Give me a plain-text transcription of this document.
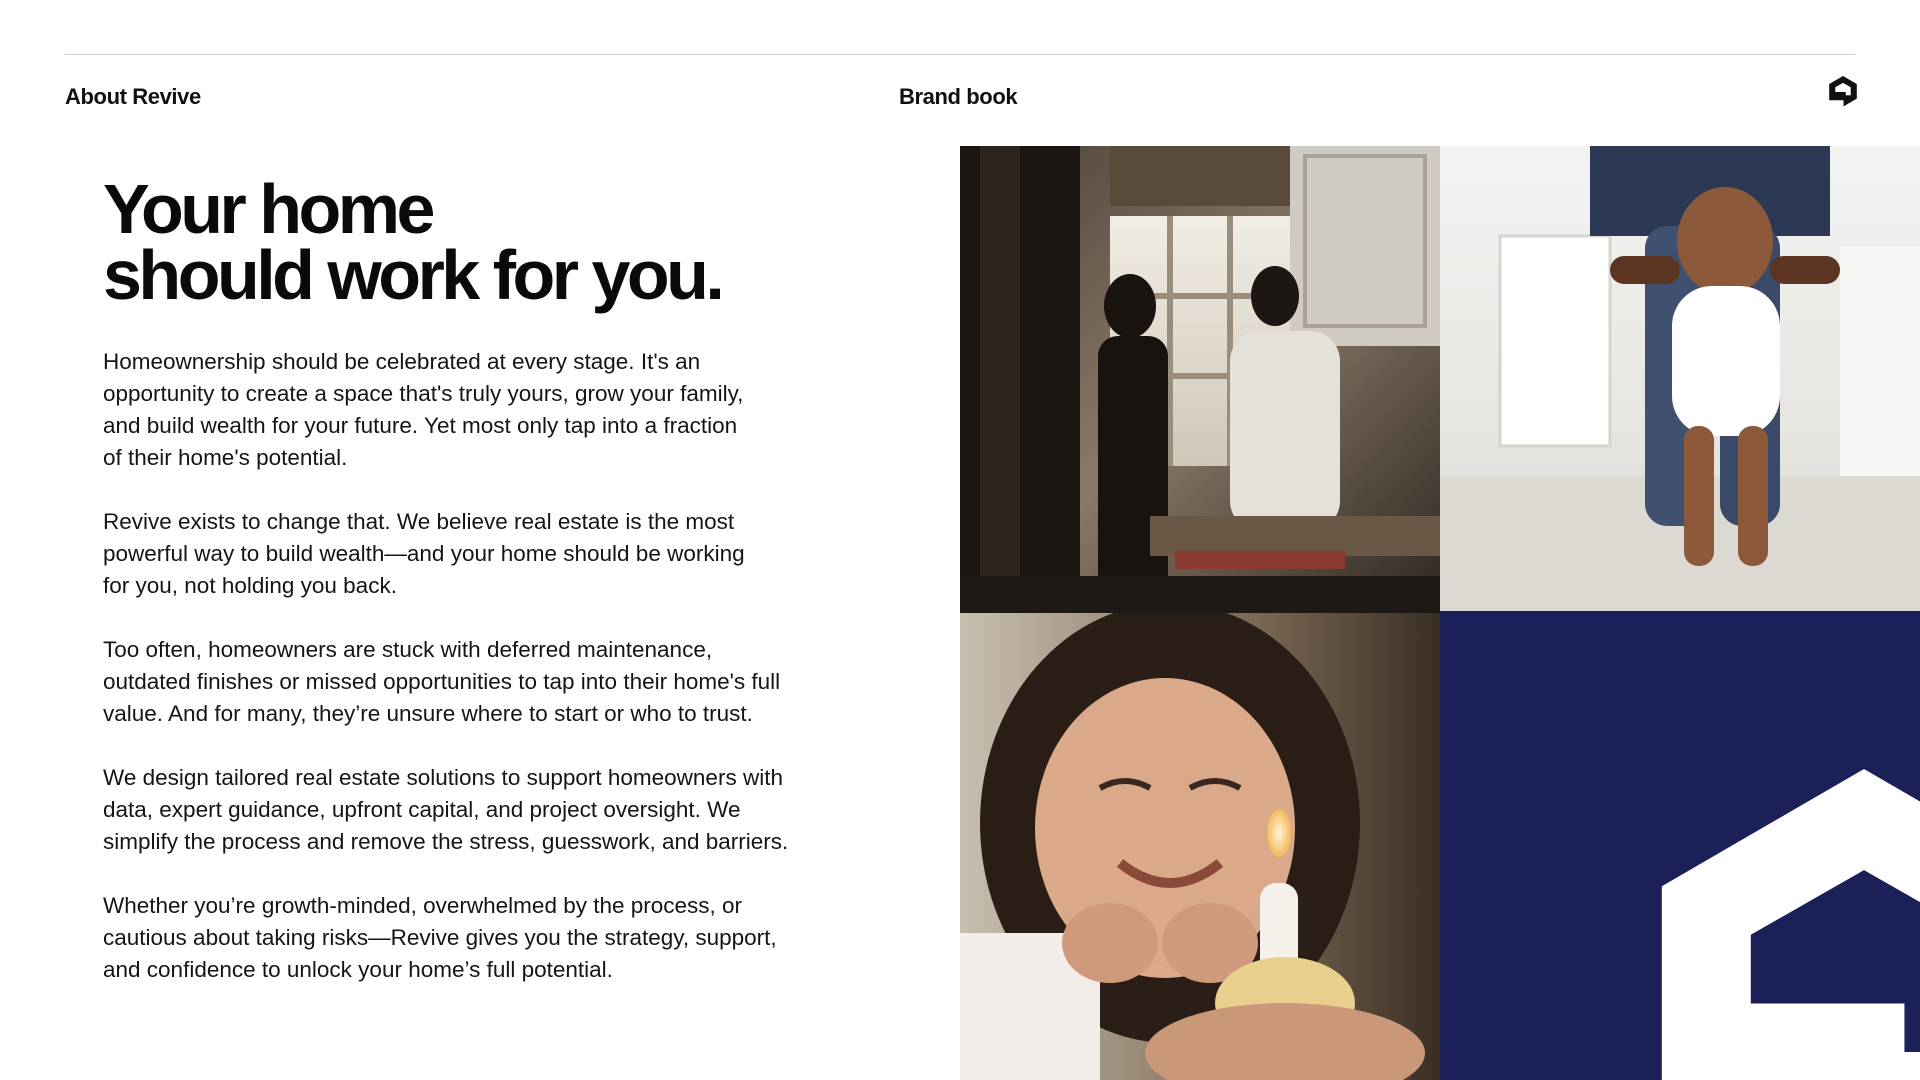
About Revive	Brand book
Your home
should work for you.

Homeownership should be celebrated at every stage. It's an
opportunity to create a space that's truly yours, grow your family,
and build wealth for your future. Yet most only tap into a fraction
of their home's potential.

Revive exists to change that. We believe real estate is the most
powerful way to build wealth—and your home should be working
for you, not holding you back.

Too often, homeowners are stuck with deferred maintenance,
outdated finishes or missed opportunities to tap into their home's full
value. And for many, they’re unsure where to start or who to trust.

We design tailored real estate solutions to support homeowners with
data, expert guidance, upfront capital, and project oversight. We
simplify the process and remove the stress, guesswork, and barriers.

Whether you’re growth-minded, overwhelmed by the process, or
cautious about taking risks—Revive gives you the strategy, support,
and confidence to unlock your home’s full potential.

3
